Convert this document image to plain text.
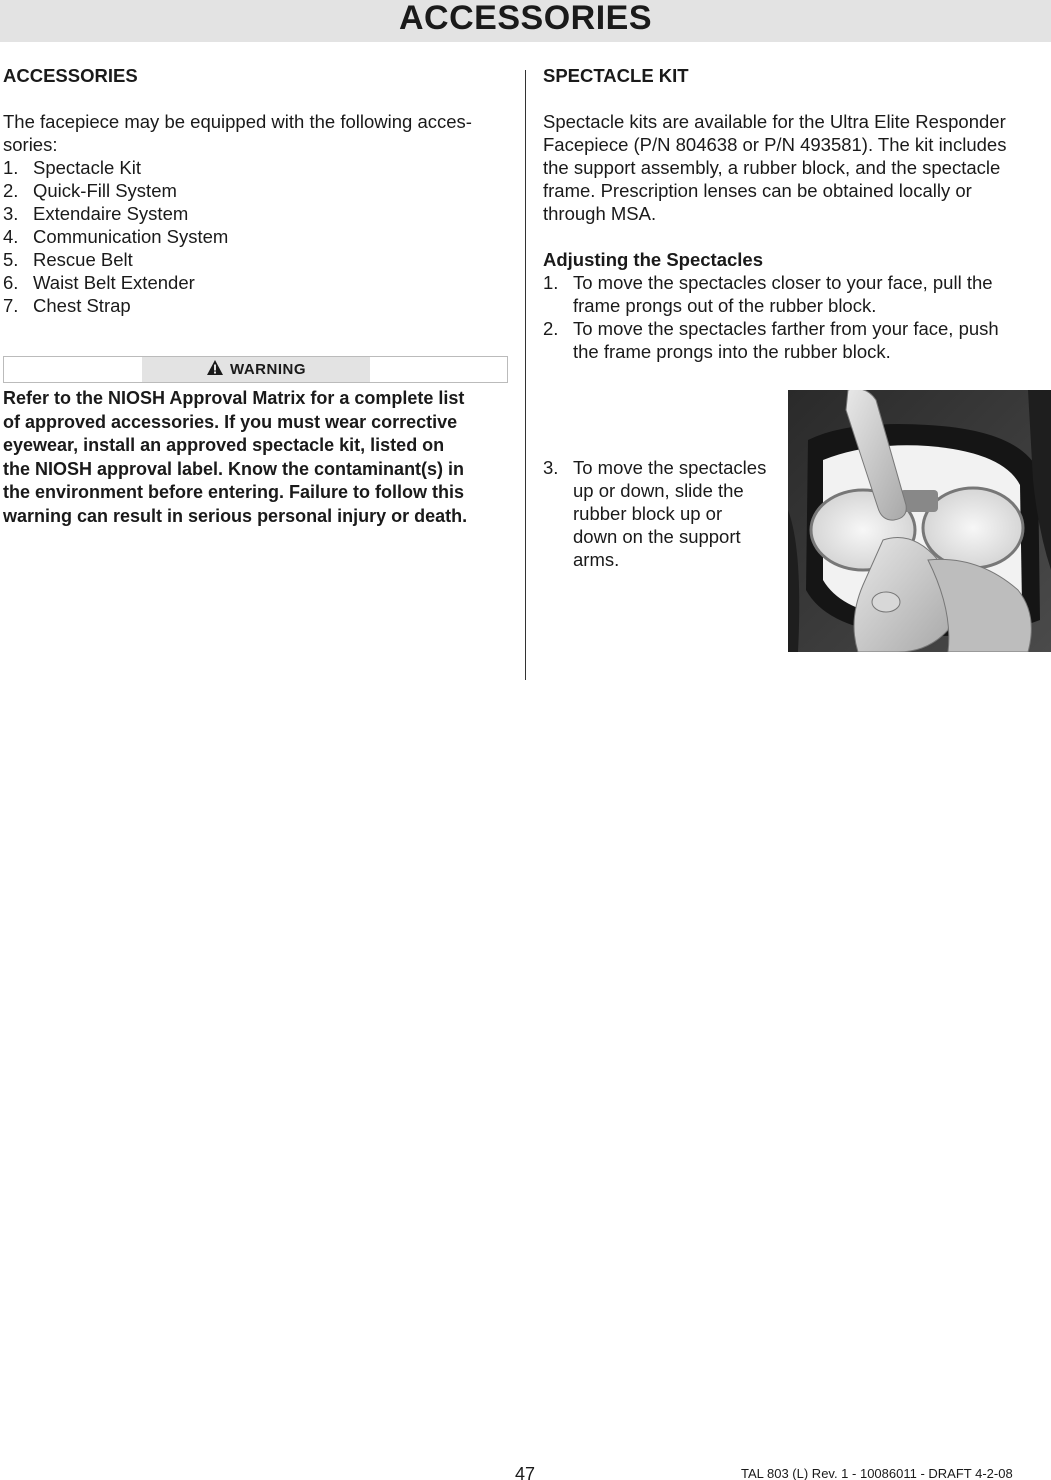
ACCESSORIES
ACCESSORIES
The facepiece may be equipped with the following acces-
sories:
1. Spectacle Kit
2. Quick-Fill System
3. Extendaire System
4. Communication System
5. Rescue Belt
6. Waist Belt Extender
7. Chest Strap
WARNING
Refer to the NIOSH Approval Matrix for a complete list
of approved accessories. If you must wear corrective
eyewear, install an approved spectacle kit, listed on
the NIOSH approval label. Know the contaminant(s) in
the environment before entering. Failure to follow this
warning can result in serious personal injury or death.
SPECTACLE KIT
Spectacle kits are available for the Ultra Elite Responder
Facepiece (P/N 804638 or P/N 493581). The kit includes
the support assembly, a rubber block, and the spectacle
frame. Prescription lenses can be obtained locally or
through MSA.
Adjusting the Spectacles
1. To move the spectacles closer to your face, pull the
frame prongs out of the rubber block.
2. To move the spectacles farther from your face, push
the frame prongs into the rubber block.
3. To move the spectacles
up or down, slide the
rubber block up or
down on the support
arms.
47	TAL 803 (L) Rev. 1 - 10086011 - DRAFT 4-2-08
